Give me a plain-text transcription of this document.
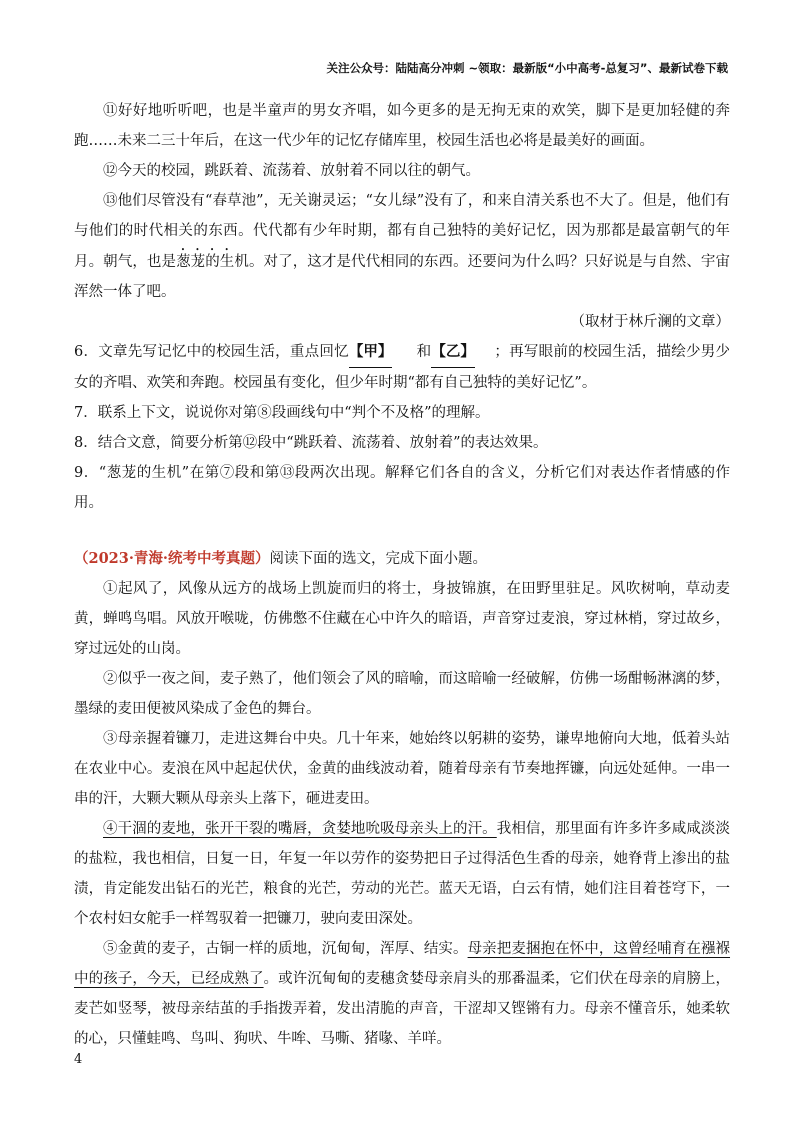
关注公众号：陆陆高分冲刺 ~领取：最新版“小中高考-总复习”、最新试卷下载

⑪好好地听听吧，也是半童声的男女齐唱，如今更多的是无拘无束的欢笑，脚下是更加轻健的奔跑……未来二三十年后，在这一代少年的记忆存储库里，校园生活也必将是最美好的画面。

⑫今天的校园，跳跃着、流荡着、放射着不同以往的朝气。

⑬他们尽管没有“春草池”，无关谢灵运；“女儿绿”没有了，和来自清关系也不大了。但是，他们有与他们的时代相关的东西。代代都有少年时期，都有自己独特的美好记忆，因为那都是最富朝气的年月。朝气，也是葱茏的生机。对了，这才是代代相同的东西。还要问为什么吗？只好说是与自然、宇宙浑然一体了吧。

（取材于林斤澜的文章）

6．文章先写记忆中的校园生活，重点回忆【甲】 和【乙】 ；再写眼前的校园生活，描绘少男少女的齐唱、欢笑和奔跑。校园虽有变化，但少年时期“都有自己独特的美好记忆”。

7．联系上下文，说说你对第⑧段画线句中“判个不及格”的理解。

8．结合文意，简要分析第⑫段中“跳跃着、流荡着、放射着”的表达效果。

9．“葱茏的生机”在第⑦段和第⑬段两次出现。解释它们各自的含义，分析它们对表达作者情感的作用。

（2023·青海·统考中考真题）阅读下面的选文，完成下面小题。

①起风了，风像从远方的战场上凯旋而归的将士，身披锦旗，在田野里驻足。风吹树响，草动麦黄，蝉鸣鸟唱。风放开喉咙，仿佛憋不住藏在心中许久的暗语，声音穿过麦浪，穿过林梢，穿过故乡，穿过远处的山岗。

②似乎一夜之间，麦子熟了，他们领会了风的暗喻，而这暗喻一经破解，仿佛一场酣畅淋漓的梦，墨绿的麦田便被风染成了金色的舞台。

③母亲握着镰刀，走进这舞台中央。几十年来，她始终以躬耕的姿势，谦卑地俯向大地，低着头站在农业中心。麦浪在风中起起伏伏，金黄的曲线波动着，随着母亲有节奏地挥镰，向远处延伸。一串一串的汗，大颗大颗从母亲头上落下，砸进麦田。

④干涸的麦地，张开干裂的嘴唇，贪婪地吮吸母亲头上的汗。我相信，那里面有许多许多咸咸淡淡的盐粒，我也相信，日复一日，年复一年以劳作的姿势把日子过得活色生香的母亲，她脊背上渗出的盐渍，肯定能发出钻石的光芒，粮食的光芒，劳动的光芒。蓝天无语，白云有情，她们注目着苍穹下，一个农村妇女舵手一样驾驭着一把镰刀，驶向麦田深处。

⑤金黄的麦子，古铜一样的质地，沉甸甸，浑厚、结实。母亲把麦捆抱在怀中，这曾经哺育在襁褓中的孩子，今天，已经成熟了。或许沉甸甸的麦穗贪婪母亲肩头的那番温柔，它们伏在母亲的肩膀上，麦芒如竖琴，被母亲结茧的手指拨弄着，发出清脆的声音，干涩却又铿锵有力。母亲不懂音乐，她柔软的心，只懂蛙鸣、鸟叫、狗吠、牛哞、马嘶、猪喙、羊咩。

4
